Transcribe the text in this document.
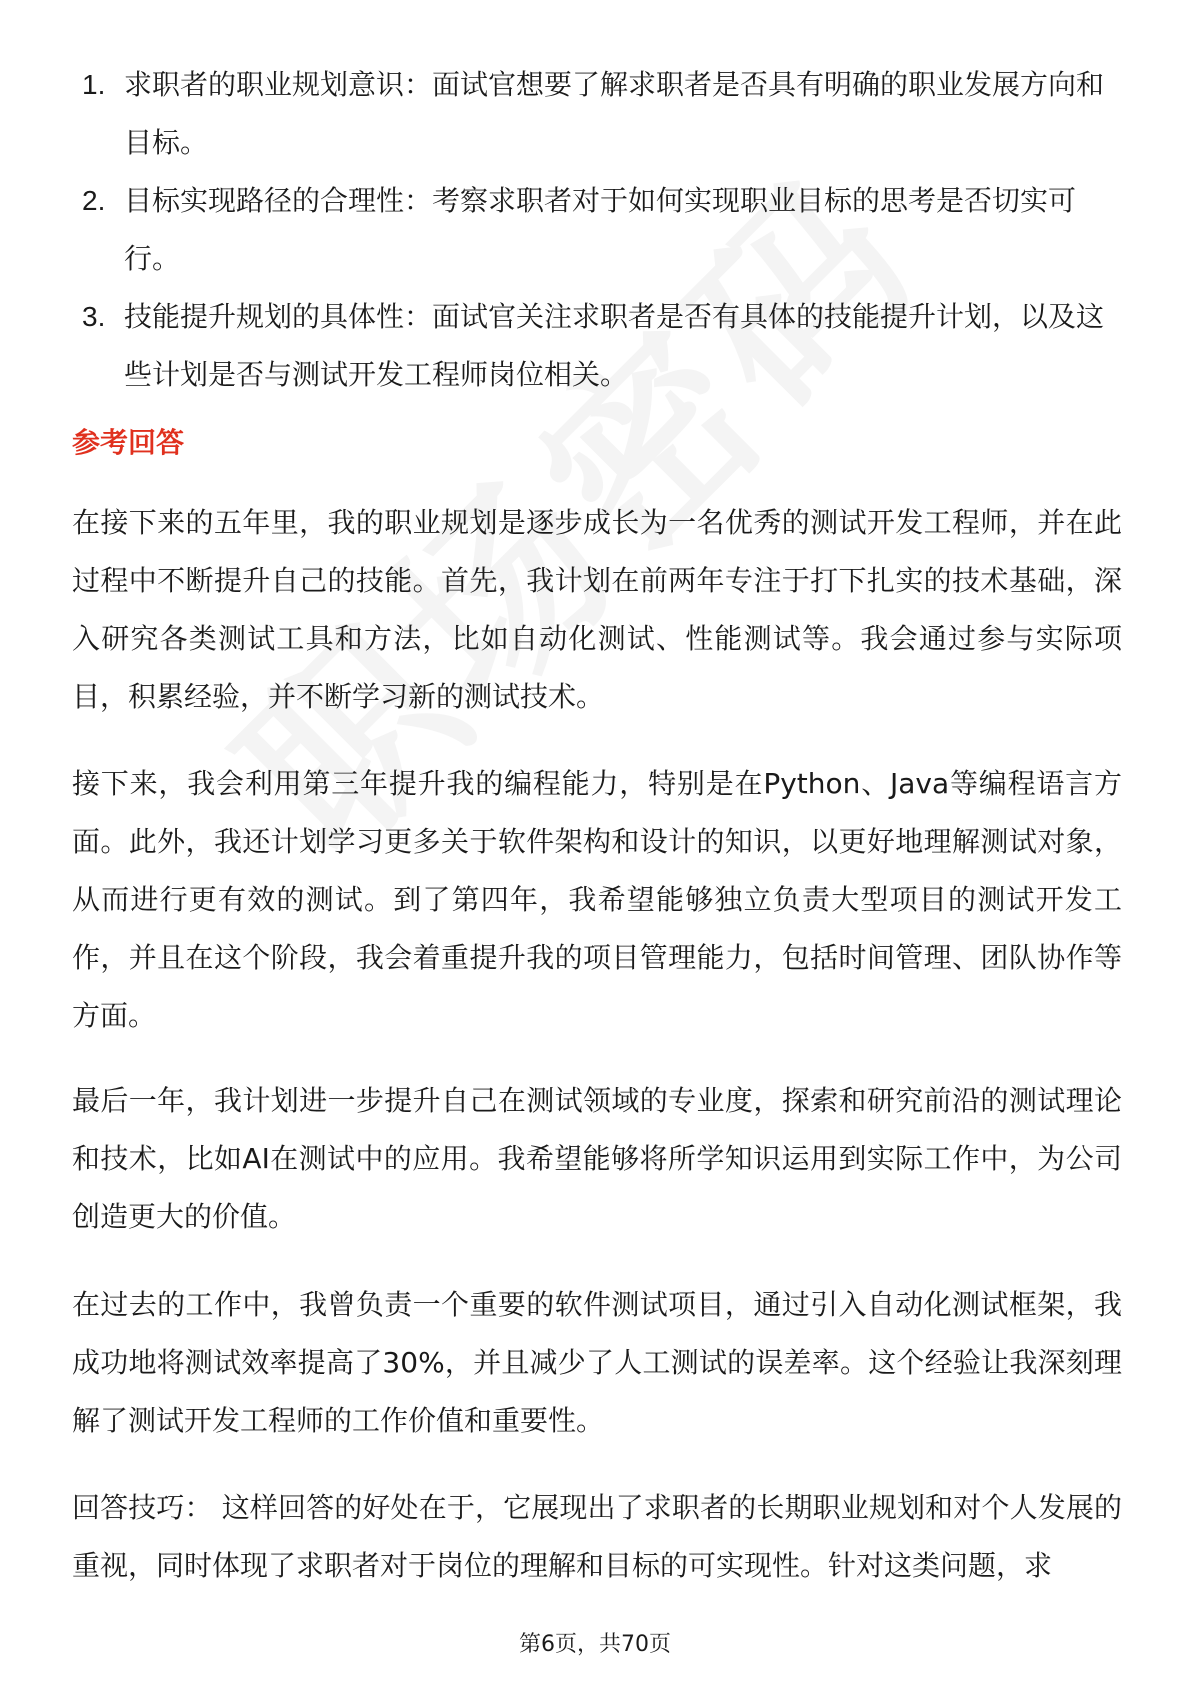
1. 求职者的职业规划意识：面试官想要了解求职者是否具有明确的职业发展方向和目标。
2. 目标实现路径的合理性：考察求职者对于如何实现职业目标的思考是否切实可行。
3. 技能提升规划的具体性：面试官关注求职者是否有具体的技能提升计划，以及这些计划是否与测试开发工程师岗位相关。
参考回答

在接下来的五年里，我的职业规划是逐步成长为一名优秀的测试开发工程师，并在此过程中不断提升自己的技能。首先，我计划在前两年专注于打下扎实的技术基础，深入研究各类测试工具和方法，比如自动化测试、性能测试等。我会通过参与实际项目，积累经验，并不断学习新的测试技术。

接下来，我会利用第三年提升我的编程能力，特别是在Python、Java等编程语言方面。此外，我还计划学习更多关于软件架构和设计的知识，以更好地理解测试对象，从而进行更有效的测试。到了第四年，我希望能够独立负责大型项目的测试开发工作，并且在这个阶段，我会着重提升我的项目管理能力，包括时间管理、团队协作等方面。

最后一年，我计划进一步提升自己在测试领域的专业度，探索和研究前沿的测试理论和技术，比如AI在测试中的应用。我希望能够将所学知识运用到实际工作中，为公司创造更大的价值。

在过去的工作中，我曾负责一个重要的软件测试项目，通过引入自动化测试框架，我成功地将测试效率提高了30%，并且减少了人工测试的误差率。这个经验让我深刻理解了测试开发工程师的工作价值和重要性。

回答技巧： 这样回答的好处在于，它展现出了求职者的长期职业规划和对个人发展的重视，同时体现了求职者对于岗位的理解和目标的可实现性。针对这类问题，求

第6页，共70页
